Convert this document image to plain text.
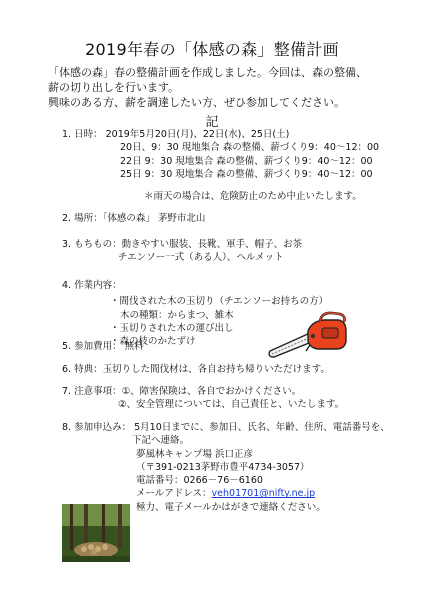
2019年春の「体感の森」整備計画
「体感の森」春の整備計画を作成しました。今回は、森の整備、
薪の切り出しを行います。
興味のある方、薪を調達したい方、ぜひ参加してください。
記
1. 日時： 2019年5月20日(月)、22日(水)、25日(土)
20日、9：30 現地集合 森の整備、薪づくり9：40～12：00
22日 9：30 現地集合 森の整備、薪づくり9：40～12：00
25日 9：30 現地集合 森の整備、薪づくり9：40～12：00
＊雨天の場合は、危険防止のため中止いたします。
2. 場所：「体感の森」 茅野市北山
3. もちもの：動きやすい服装、長靴、軍手、帽子、お茶
チエンソー一式（ある人）、ヘルメット
4. 作業内容：
・間伐された木の玉切り（チエンソーお持ちの方）
木の種類：からまつ、雑木
・玉切りされた木の運び出し
・森の枝のかたずけ
5. 参加費用： 無料
6. 特典：玉切りした間伐材は、各自お持ち帰りいただけます。
7. 注意事項：①、障害保険は、各自でおかけください。
②、安全管理については、自己責任と、いたします。
8. 参加申込み： 5月10日までに、参加日、氏名、年齢、住所、電話番号を、
下記へ連絡。
夢風林キャンプ場 浜口正彦
（〒391-0213茅野市豊平4734-3057）
電話番号：0266－76－6160
メールアドレス：veh01701@nifty.ne.jp
極力、電子メールかはがきで連絡ください。
